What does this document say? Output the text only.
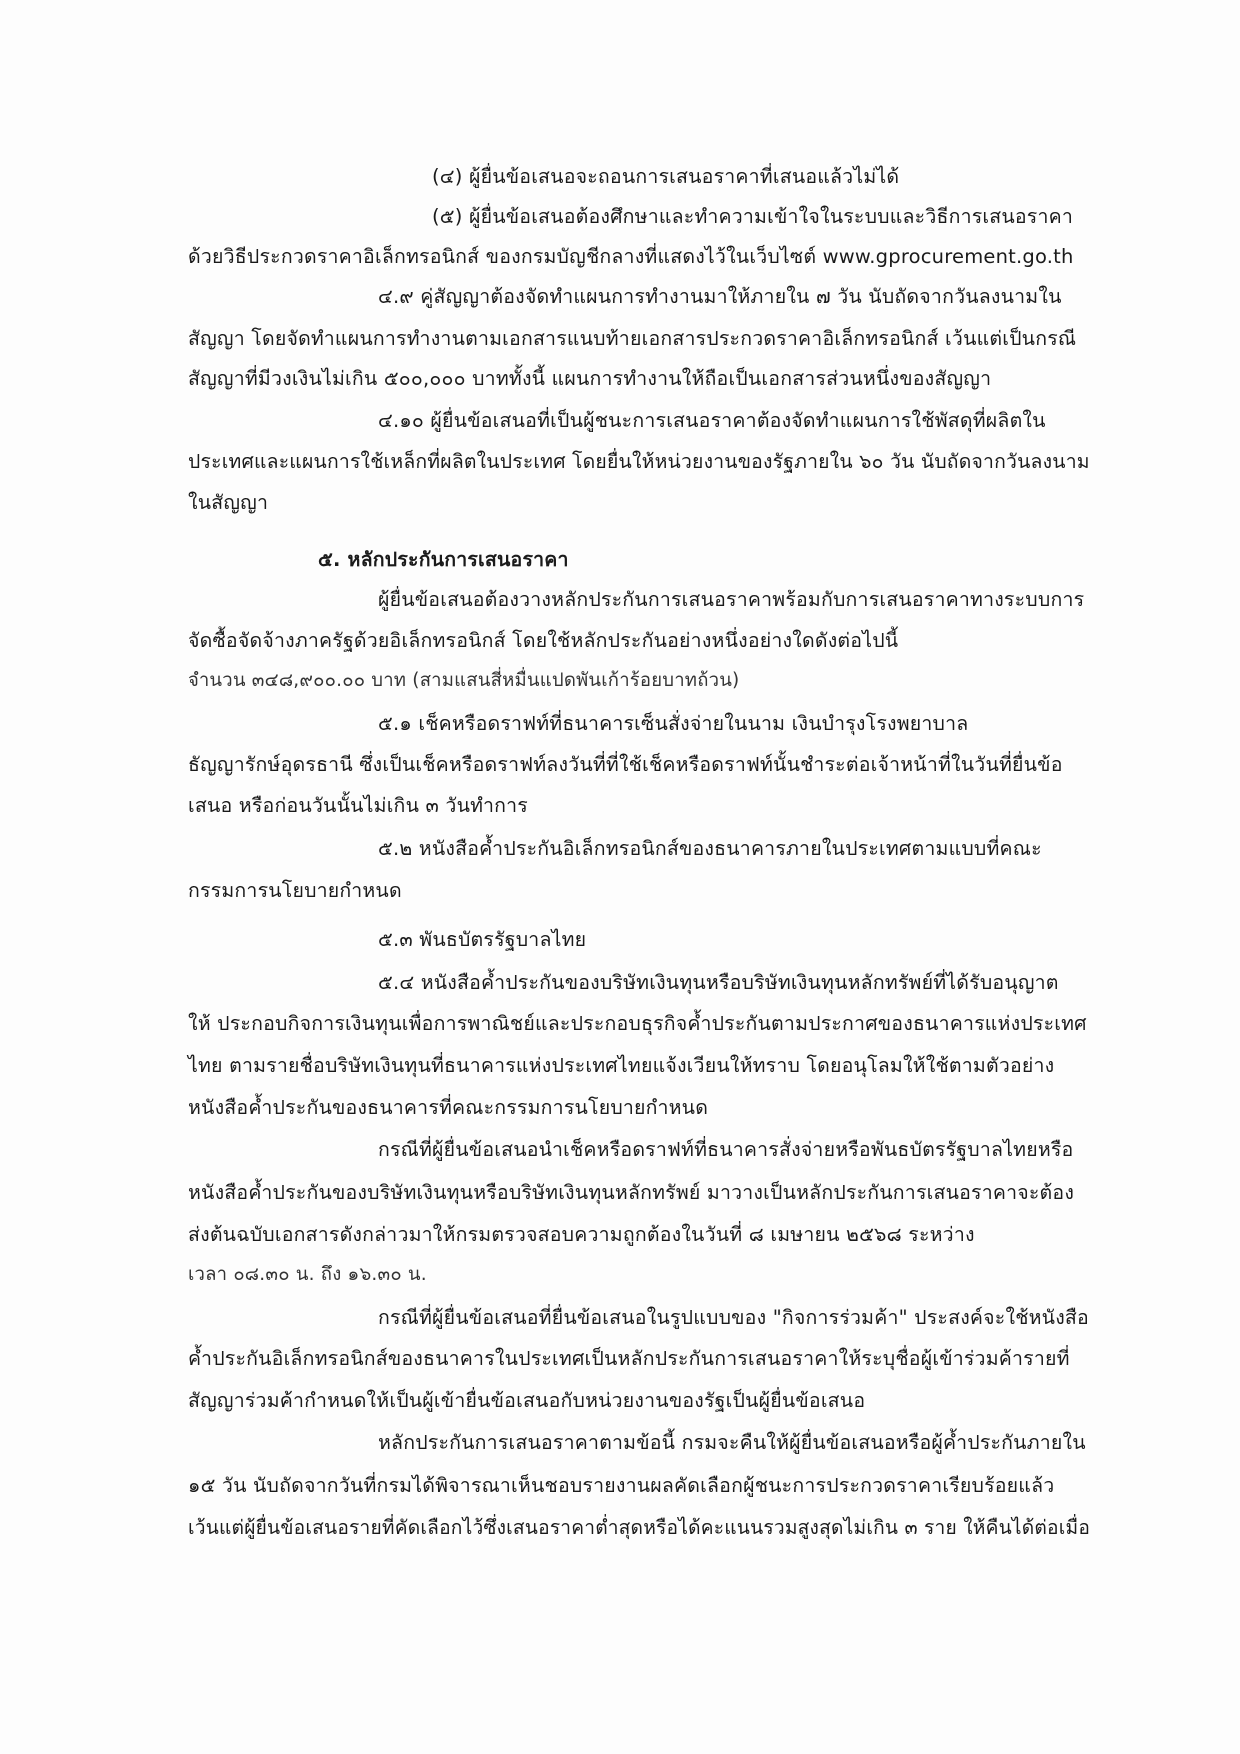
(๔) ผู้ยื่นข้อเสนอจะถอนการเสนอราคาที่เสนอแล้วไม่ได้
(๕) ผู้ยื่นข้อเสนอต้องศึกษาและทำความเข้าใจในระบบและวิธีการเสนอราคา
ด้วยวิธีประกวดราคาอิเล็กทรอนิกส์ ของกรมบัญชีกลางที่แสดงไว้ในเว็บไซต์ www.gprocurement.go.th
๔.๙ คู่สัญญาต้องจัดทำแผนการทำงานมาให้ภายใน ๗ วัน นับถัดจากวันลงนามใน
สัญญา โดยจัดทำแผนการทำงานตามเอกสารแนบท้ายเอกสารประกวดราคาอิเล็กทรอนิกส์ เว้นแต่เป็นกรณี
สัญญาที่มีวงเงินไม่เกิน ๕๐๐,๐๐๐ บาททั้งนี้ แผนการทำงานให้ถือเป็นเอกสารส่วนหนึ่งของสัญญา
๔.๑๐ ผู้ยื่นข้อเสนอที่เป็นผู้ชนะการเสนอราคาต้องจัดทำแผนการใช้พัสดุที่ผลิตใน
ประเทศและแผนการใช้เหล็กที่ผลิตในประเทศ โดยยื่นให้หน่วยงานของรัฐภายใน ๖๐ วัน นับถัดจากวันลงนาม
ในสัญญา
๕. หลักประกันการเสนอราคา
ผู้ยื่นข้อเสนอต้องวางหลักประกันการเสนอราคาพร้อมกับการเสนอราคาทางระบบการ
จัดซื้อจัดจ้างภาครัฐด้วยอิเล็กทรอนิกส์ โดยใช้หลักประกันอย่างหนึ่งอย่างใดดังต่อไปนี้
จำนวน ๓๔๘,๙๐๐.๐๐ บาท (สามแสนสี่หมื่นแปดพันเก้าร้อยบาทถ้วน)
๕.๑ เช็คหรือดราฟท์ที่ธนาคารเซ็นสั่งจ่ายในนาม เงินบำรุงโรงพยาบาล
ธัญญารักษ์อุดรธานี ซึ่งเป็นเช็คหรือดราฟท์ลงวันที่ที่ใช้เช็คหรือดราฟท์นั้นชำระต่อเจ้าหน้าที่ในวันที่ยื่นข้อ
เสนอ หรือก่อนวันนั้นไม่เกิน ๓ วันทำการ
๕.๒ หนังสือค้ำประกันอิเล็กทรอนิกส์ของธนาคารภายในประเทศตามแบบที่คณะ
กรรมการนโยบายกำหนด
๕.๓ พันธบัตรรัฐบาลไทย
๕.๔ หนังสือค้ำประกันของบริษัทเงินทุนหรือบริษัทเงินทุนหลักทรัพย์ที่ได้รับอนุญาต
ให้ ประกอบกิจการเงินทุนเพื่อการพาณิชย์และประกอบธุรกิจค้ำประกันตามประกาศของธนาคารแห่งประเทศ
ไทย ตามรายชื่อบริษัทเงินทุนที่ธนาคารแห่งประเทศไทยแจ้งเวียนให้ทราบ โดยอนุโลมให้ใช้ตามตัวอย่าง
หนังสือค้ำประกันของธนาคารที่คณะกรรมการนโยบายกำหนด
กรณีที่ผู้ยื่นข้อเสนอนำเช็คหรือดราฟท์ที่ธนาคารสั่งจ่ายหรือพันธบัตรรัฐบาลไทยหรือ
หนังสือค้ำประกันของบริษัทเงินทุนหรือบริษัทเงินทุนหลักทรัพย์ มาวางเป็นหลักประกันการเสนอราคาจะต้อง
ส่งต้นฉบับเอกสารดังกล่าวมาให้กรมตรวจสอบความถูกต้องในวันที่ ๘ เมษายน ๒๕๖๘ ระหว่าง
เวลา ๐๘.๓๐ น. ถึง ๑๖.๓๐ น.
กรณีที่ผู้ยื่นข้อเสนอที่ยื่นข้อเสนอในรูปแบบของ "กิจการร่วมค้า" ประสงค์จะใช้หนังสือ
ค้ำประกันอิเล็กทรอนิกส์ของธนาคารในประเทศเป็นหลักประกันการเสนอราคาให้ระบุชื่อผู้เข้าร่วมค้ารายที่
สัญญาร่วมค้ากำหนดให้เป็นผู้เข้ายื่นข้อเสนอกับหน่วยงานของรัฐเป็นผู้ยื่นข้อเสนอ
หลักประกันการเสนอราคาตามข้อนี้ กรมจะคืนให้ผู้ยื่นข้อเสนอหรือผู้ค้ำประกันภายใน
๑๕ วัน นับถัดจากวันที่กรมได้พิจารณาเห็นชอบรายงานผลคัดเลือกผู้ชนะการประกวดราคาเรียบร้อยแล้ว
เว้นแต่ผู้ยื่นข้อเสนอรายที่คัดเลือกไว้ซึ่งเสนอราคาต่ำสุดหรือได้คะแนนรวมสูงสุดไม่เกิน ๓ ราย ให้คืนได้ต่อเมื่อ
